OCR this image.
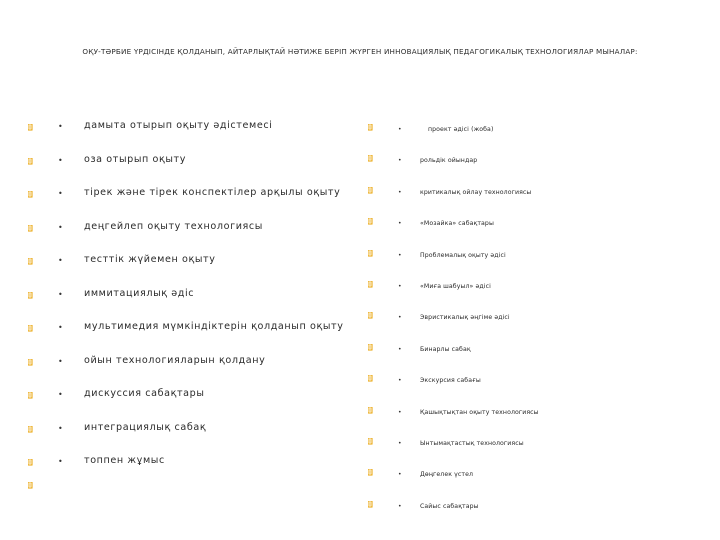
ОҚУ-ТӘРБИЕ ҮРДІСІНДЕ ҚОЛДАНЫП, АЙТАРЛЫҚТАЙ НӘТИЖЕ БЕРІП ЖҮРГЕН ИННОВАЦИЯЛЫҚ ПЕДАГОГИКАЛЫҚ ТЕХНОЛОГИЯЛАР МЫНАЛАР:
• дамыта отырып оқыту әдістемесі
• оза отырып оқыту
• тірек және тірек конспектілер арқылы оқыту
• деңгейлеп оқыту технологиясы
• тесттік жүйемен оқыту
• иммитациялық әдіс
• мультимедия мүмкіндіктерін қолданып оқыту
• ойын технологияларын қолдану
• дискуссия сабақтары
• интеграциялық сабақ
• топпен жұмыс
•	проект әдісі (жоба)
•	рольдік ойындар
•	критикалық ойлау технологиясы
•	«Мозайка» сабақтары
•	Проблемалық оқыту әдісі
•	«Миға шабуыл» әдісі
•	Эвристикалық әңгіме әдісі
•	Бинарлы сабақ
•	Экскурсия сабағы
•	Қашықтықтан оқыту технологиясы
•	Ынтымақтастық технологиясы
•	Дөңгелек үстел
•	Сайыс сабақтары
